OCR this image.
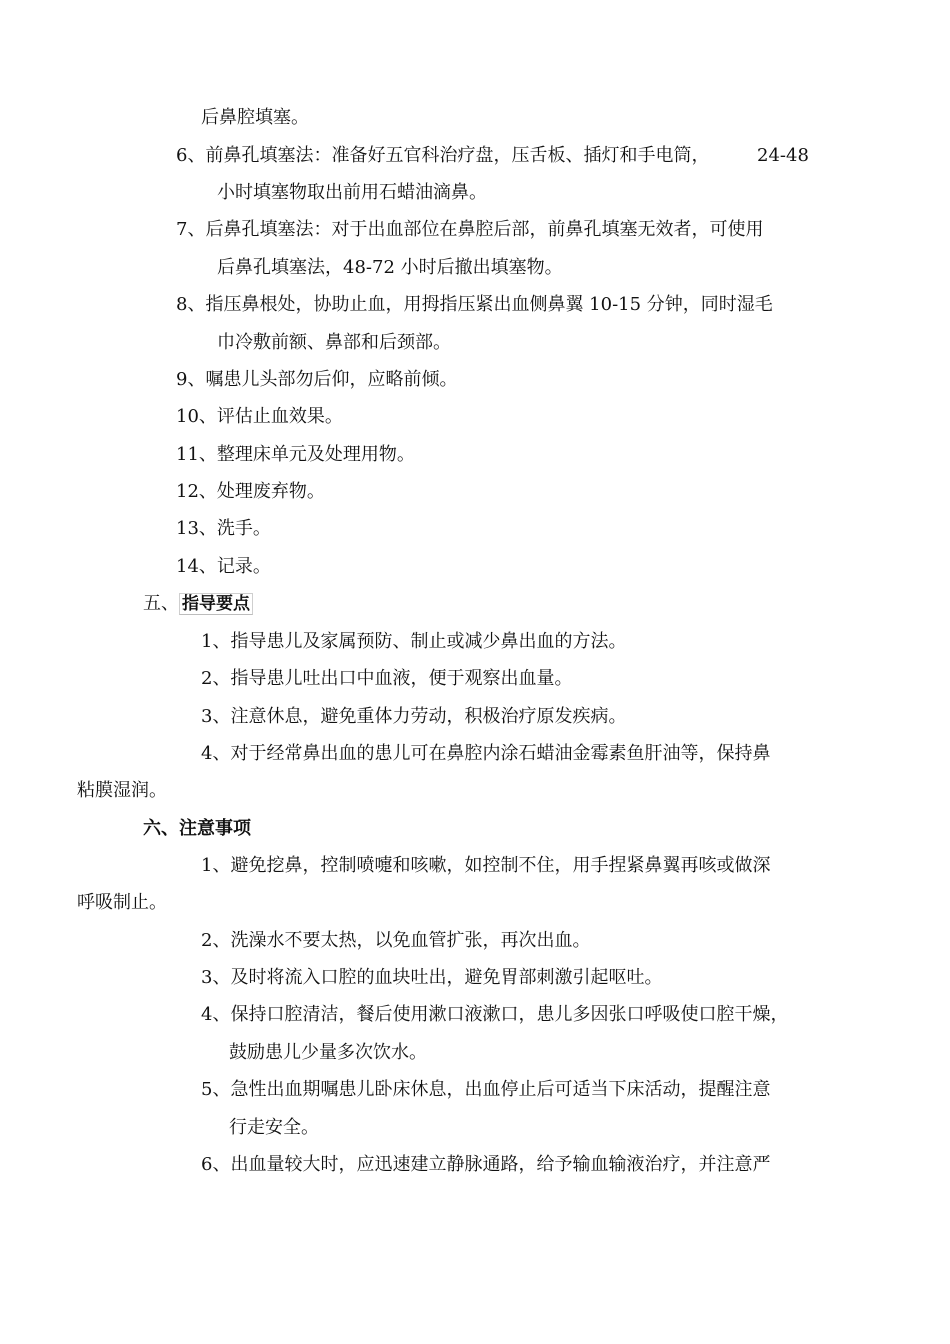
后鼻腔填塞。
6、前鼻孔填塞法：准备好五官科治疗盘，压舌板、插灯和手电筒，	24-48
小时填塞物取出前用石蜡油滴鼻。
7、后鼻孔填塞法：对于出血部位在鼻腔后部，前鼻孔填塞无效者，可使用
后鼻孔填塞法，48-72 小时后撤出填塞物。
8、指压鼻根处，协助止血，用拇指压紧出血侧鼻翼 10-15 分钟，同时湿毛
巾冷敷前额、鼻部和后颈部。
9、嘱患儿头部勿后仰，应略前倾。
10、评估止血效果。
11、整理床单元及处理用物。
12、处理废弃物。
13、洗手。
14、记录。
五、 指导要点
1、指导患儿及家属预防、制止或减少鼻出血的方法。
2、指导患儿吐出口中血液，便于观察出血量。
3、注意休息，避免重体力劳动，积极治疗原发疾病。
4、对于经常鼻出血的患儿可在鼻腔内涂石蜡油金霉素鱼肝油等，保持鼻
粘膜湿润。
六、注意事项
1、避免挖鼻，控制喷嚏和咳嗽，如控制不住，用手捏紧鼻翼再咳或做深
呼吸制止。
2、洗澡水不要太热，以免血管扩张，再次出血。
3、及时将流入口腔的血块吐出，避免胃部刺激引起呕吐。
4、保持口腔清洁，餐后使用漱口液漱口，患儿多因张口呼吸使口腔干燥，
鼓励患儿少量多次饮水。
5、急性出血期嘱患儿卧床休息，出血停止后可适当下床活动，提醒注意
行走安全。
6、出血量较大时，应迅速建立静脉通路，给予输血输液治疗，并注意严
